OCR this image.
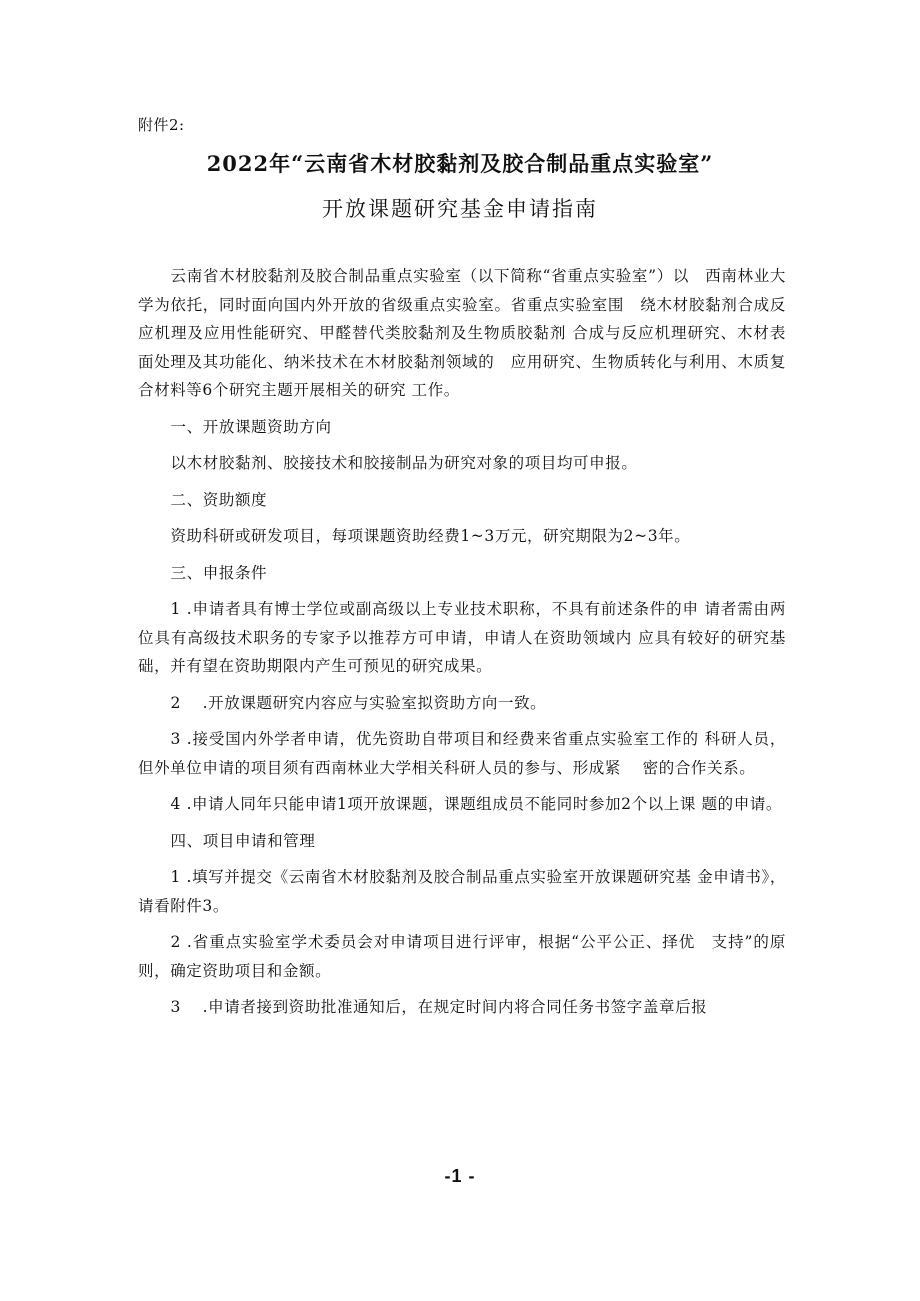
附件2:
2022年“云南省木材胶黏剂及胶合制品重点实验室”
开放课题研究基金申请指南

云南省木材胶黏剂及胶合制品重点实验室（以下简称“省重点实验室”）以　西南林业大学为依托，同时面向国内外开放的省级重点实验室。省重点实验室围　绕木材胶黏剂合成反应机理及应用性能研究、甲醛替代类胶黏剂及生物质胶黏剂 合成与反应机理研究、木材表面处理及其功能化、纳米技术在木材胶黏剂领域的　应用研究、生物质转化与利用、木质复合材料等6个研究主题开展相关的研究 工作。

一、开放课题资助方向

以木材胶黏剂、胶接技术和胶接制品为研究对象的项目均可申报。

二、资助额度

资助科研或研发项目，每项课题资助经费1~3万元，研究期限为2~3年。

三、申报条件

1 .申请者具有博士学位或副高级以上专业技术职称，不具有前述条件的申 请者需由两位具有高级技术职务的专家予以推荐方可申请，申请人在资助领域内 应具有较好的研究基础，并有望在资助期限内产生可预见的研究成果。

2　 .开放课题研究内容应与实验室拟资助方向一致。

3 .接受国内外学者申请，优先资助自带项目和经费来省重点实验室工作的 科研人员，但外单位申请的项目须有西南林业大学相关科研人员的参与、形成紧　 密的合作关系。

4 .申请人同年只能申请1项开放课题，课题组成员不能同时参加2个以上课 题的申请。

四、项目申请和管理

1 .填写并提交《云南省木材胶黏剂及胶合制品重点实验室开放课题研究基 金申请书》，请看附件3。

2 .省重点实验室学术委员会对申请项目进行评审，根据“公平公正、择优　支持”的原则，确定资助项目和金额。

3　 .申请者接到资助批准通知后，在规定时间内将合同任务书签字盖章后报

-1 -
